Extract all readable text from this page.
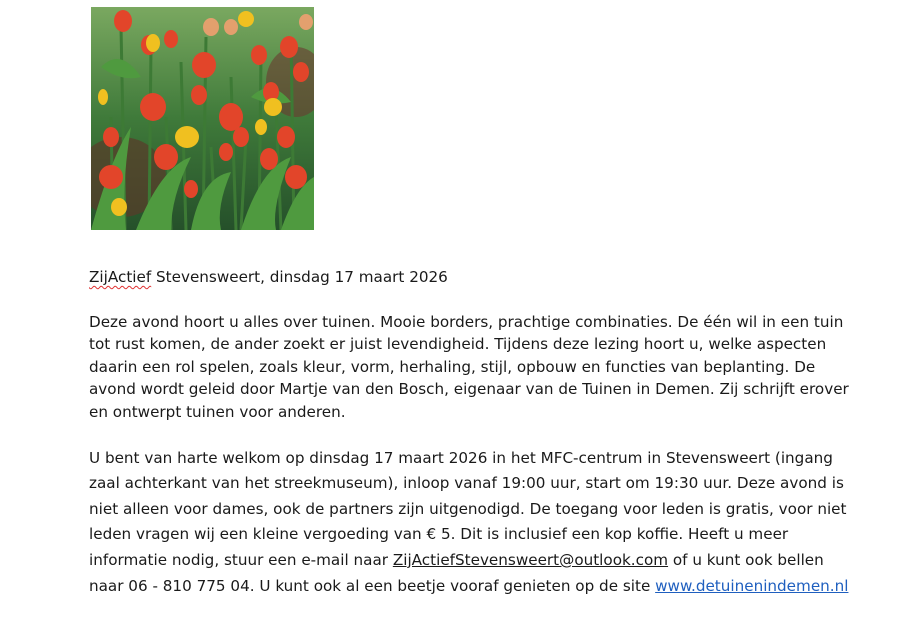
ZijActief Stevensweert, dinsdag 17 maart 2026

Deze avond hoort u alles over tuinen. Mooie borders, prachtige combinaties. De één wil in een tuin
tot rust komen, de ander zoekt er juist levendigheid. Tijdens deze lezing hoort u, welke aspecten
daarin een rol spelen, zoals kleur, vorm, herhaling, stijl, opbouw en functies van beplanting. De
avond wordt geleid door Martje van den Bosch, eigenaar van de Tuinen in Demen. Zij schrijft erover
en ontwerpt tuinen voor anderen.

U bent van harte welkom op dinsdag 17 maart 2026 in het MFC-centrum in Stevensweert (ingang
zaal achterkant van het streekmuseum), inloop vanaf 19:00 uur, start om 19:30 uur. Deze avond is
niet alleen voor dames, ook de partners zijn uitgenodigd. De toegang voor leden is gratis, voor niet
leden vragen wij een kleine vergoeding van € 5. Dit is inclusief een kop koffie. Heeft u meer
informatie nodig, stuur een e-mail naar ZijActiefStevensweert@outlook.com of u kunt ook bellen
naar 06 - 810 775 04. U kunt ook al een beetje vooraf genieten op de site www.detuinenindemen.nl
